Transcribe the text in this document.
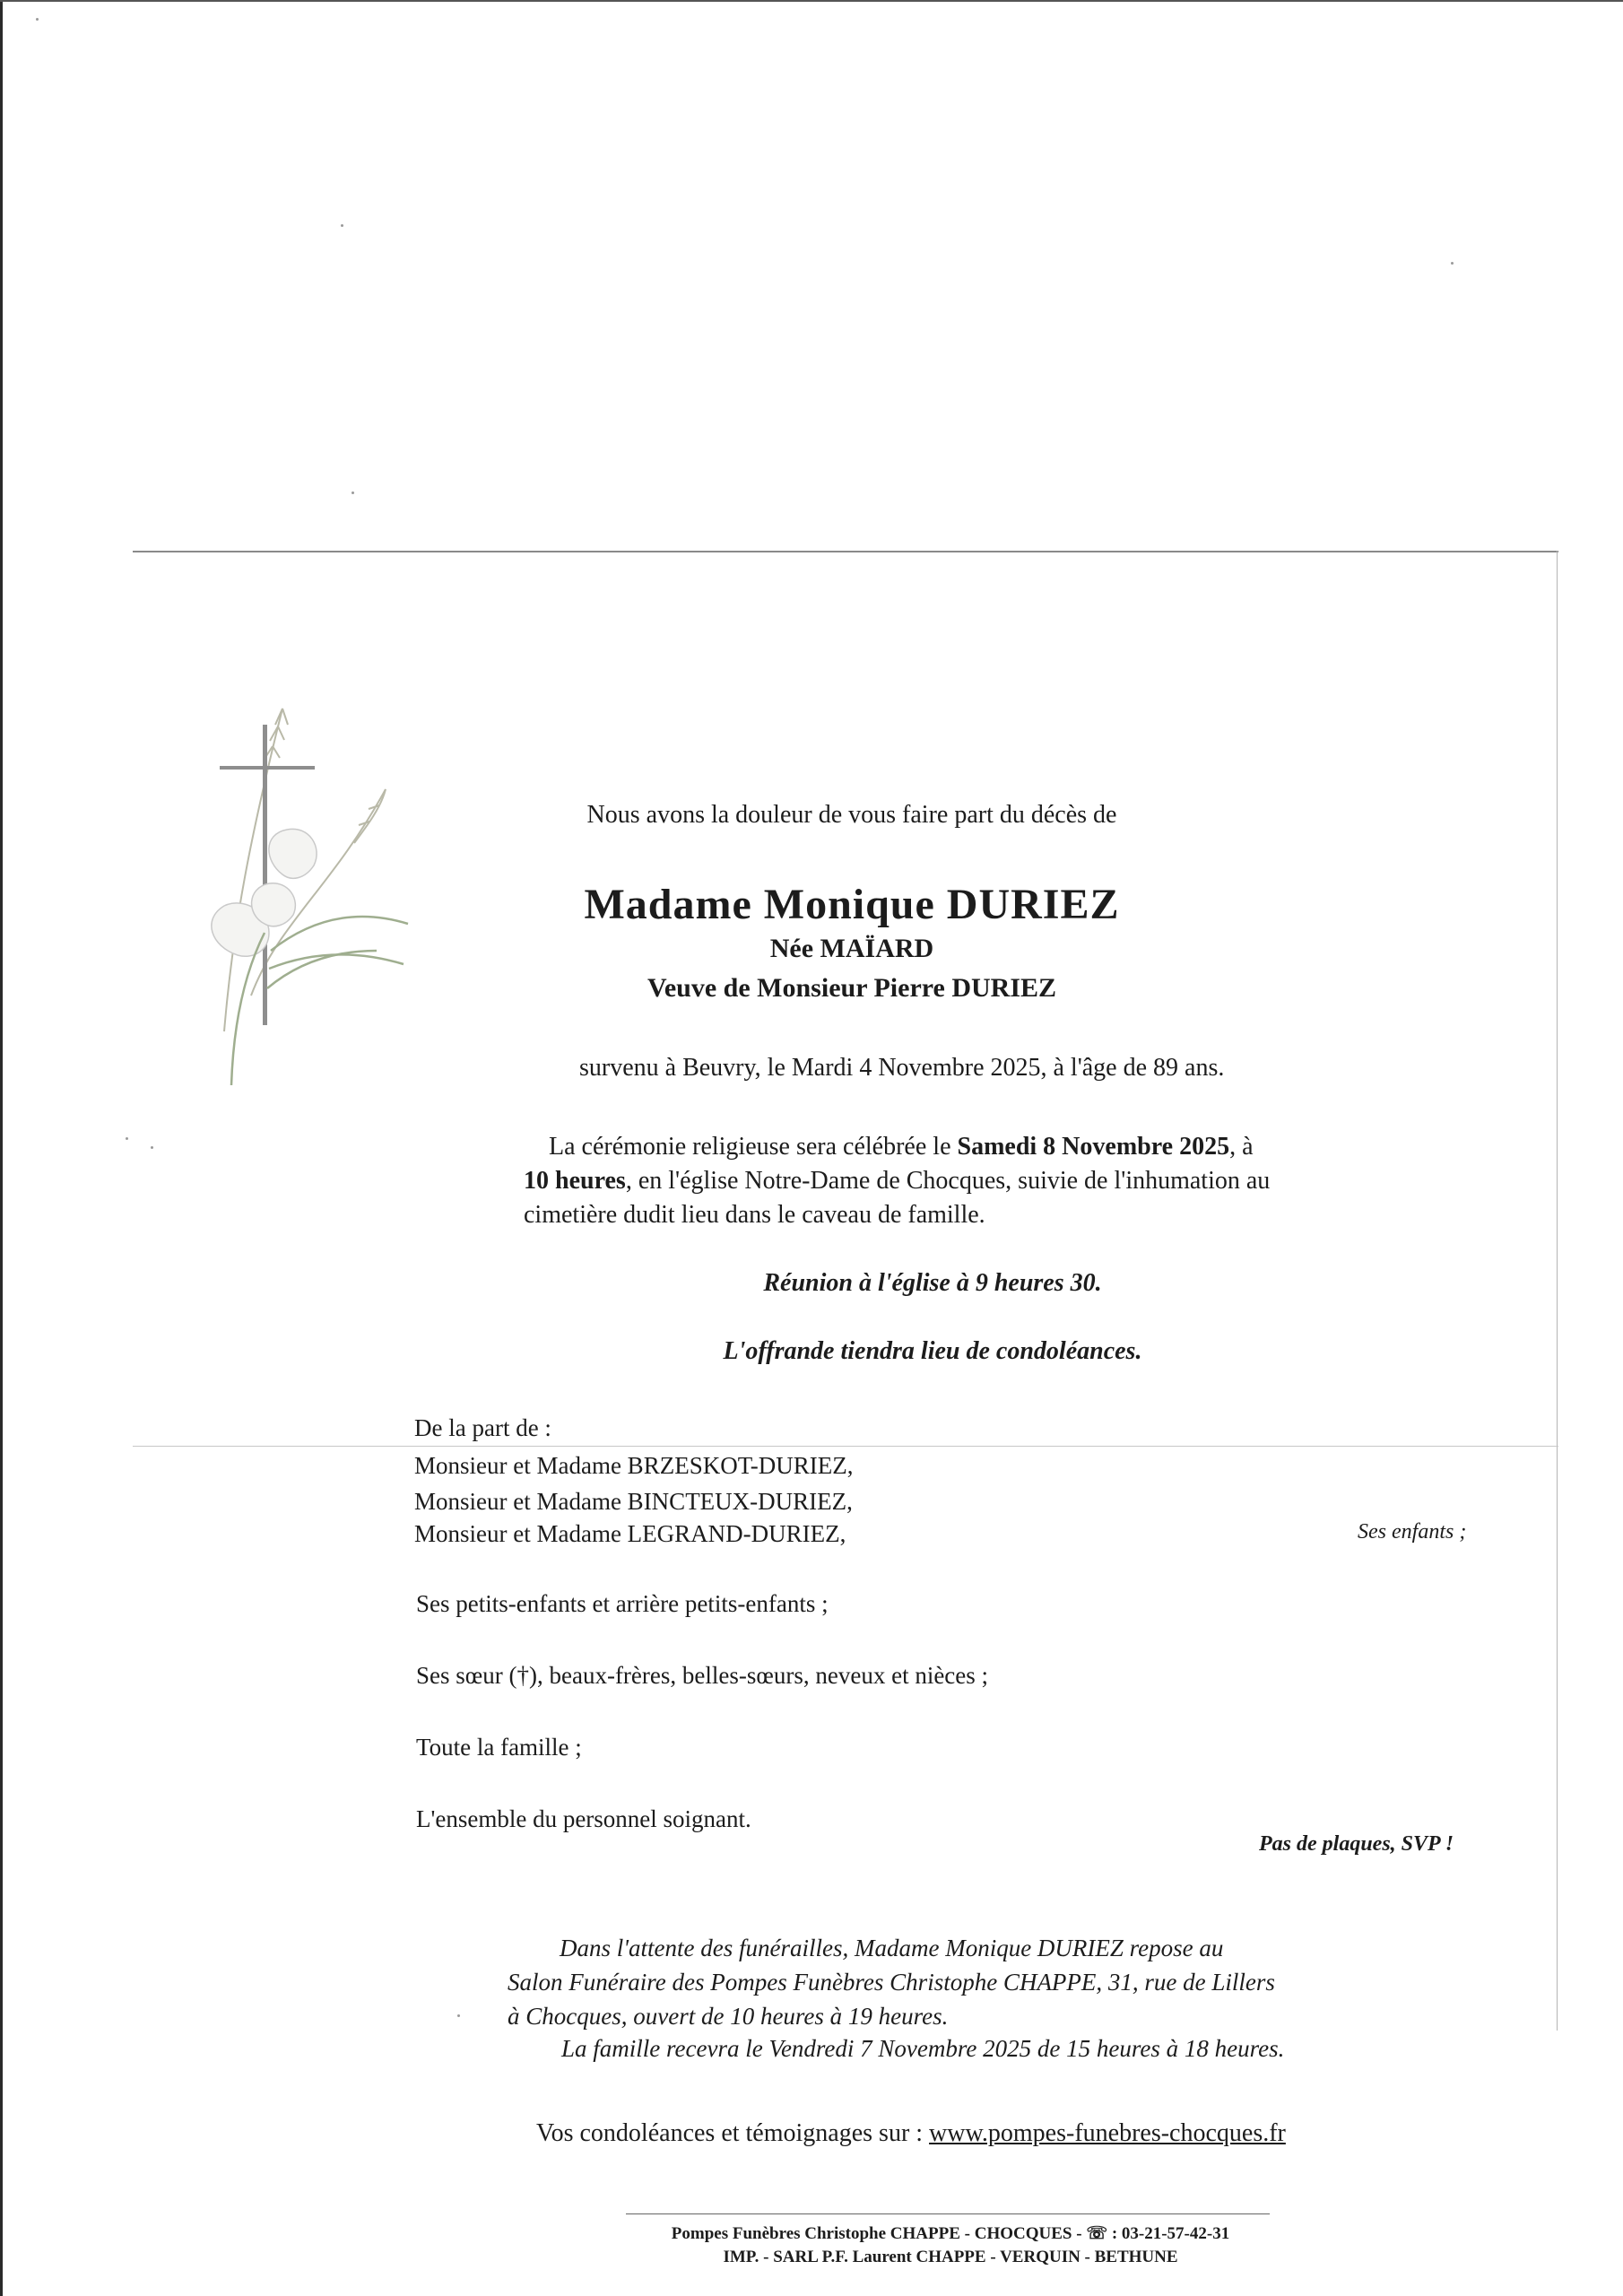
Nous avons la douleur de vous faire part du décès de
Madame Monique DURIEZ
Née MAÏARD
Veuve de Monsieur Pierre DURIEZ
survenu à Beuvry, le Mardi 4 Novembre 2025, à l'âge de 89 ans.
La cérémonie religieuse sera célébrée le Samedi 8 Novembre 2025, à
10 heures, en l'église Notre-Dame de Chocques, suivie de l'inhumation au
cimetière dudit lieu dans le caveau de famille.
Réunion à l'église à 9 heures 30.
L'offrande tiendra lieu de condoléances.
De la part de :
Monsieur et Madame BRZESKOT-DURIEZ,
Monsieur et Madame BINCTEUX-DURIEZ,
Monsieur et Madame LEGRAND-DURIEZ,	Ses enfants ;
Ses petits-enfants et arrière petits-enfants ;
Ses sœur (†), beaux-frères, belles-sœurs, neveux et nièces ;
Toute la famille ;
L'ensemble du personnel soignant.
Pas de plaques, SVP !
Dans l'attente des funérailles, Madame Monique DURIEZ repose au
Salon Funéraire des Pompes Funèbres Christophe CHAPPE, 31, rue de Lillers
à Chocques, ouvert de 10 heures à 19 heures.
La famille recevra le Vendredi 7 Novembre 2025 de 15 heures à 18 heures.
Vos condoléances et témoignages sur : www.pompes-funebres-chocques.fr
Pompes Funèbres Christophe CHAPPE - CHOCQUES - ☏ : 03-21-57-42-31
IMP. - SARL P.F. Laurent CHAPPE - VERQUIN - BETHUNE
